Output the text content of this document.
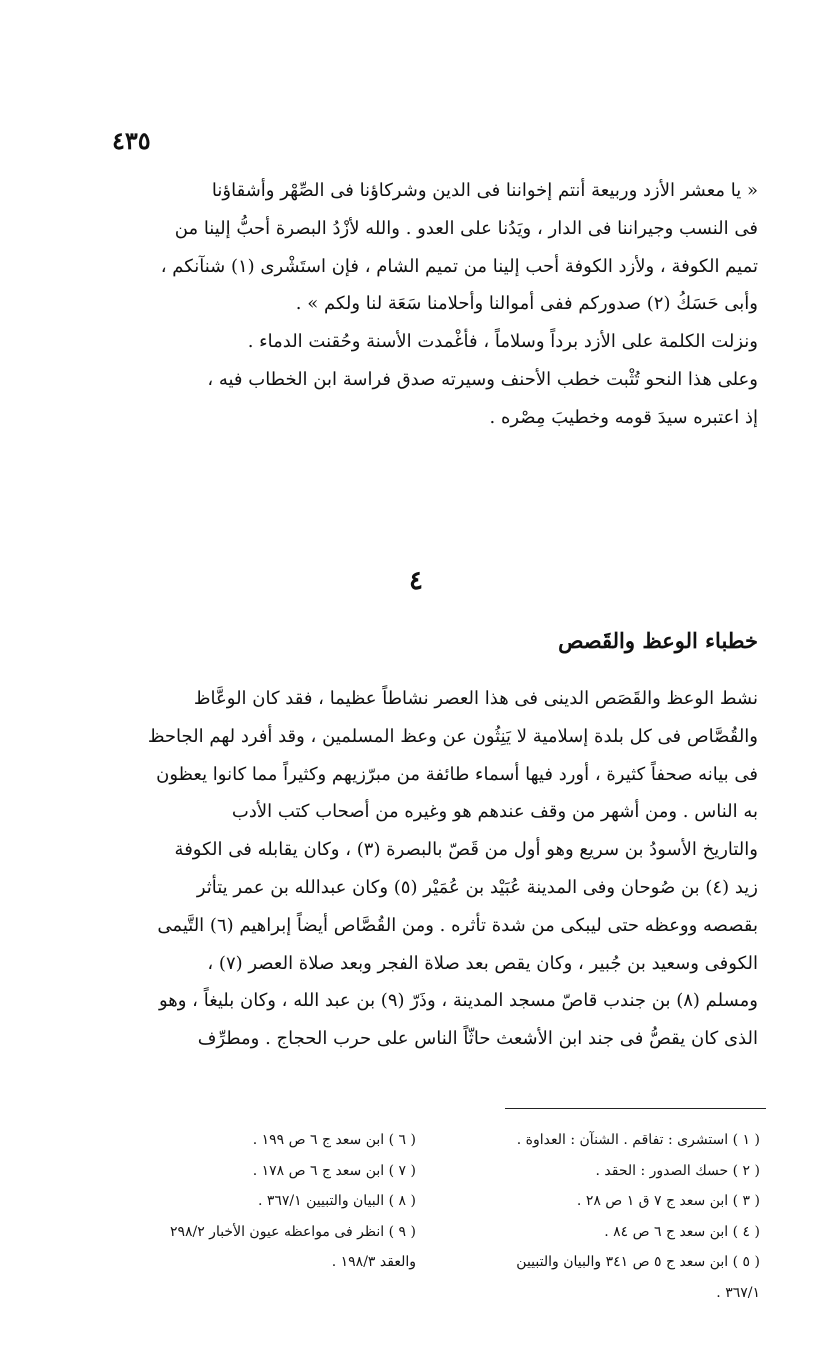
٤٣٥
« يا معشر الأزد وربيعة أنتم إخواننا فى الدين وشركاؤنا فى الصِّهْر وأشقاؤنا
فى النسب وجيراننا فى الدار ، ويَدُنا على العدو . والله لأزْدُ البصرة أحبُّ إلينا من
تميم الكوفة ، ولأزد الكوفة أحب إلينا من تميم الشام ، فإن استَشْرى (١) شنآنكم ،
وأبى حَسَكُ (٢) صدوركم ففى أموالنا وأحلامنا سَعَة لنا ولكم » .
ونزلت الكلمة على الأزد برداً وسلاماً ، فأغْمدت الأسنة وحُقنت الدماء .
وعلى هذا النحو تُثْبت خطب الأحنف وسيرته صدق فراسة ابن الخطاب فيه ،
إذ اعتبره سيدَ قومه وخطيبَ مِصْره .
٤
خطباء الوعظ والقَصص
نشط الوعظ والقَصَص الدينى فى هذا العصر نشاطاً عظيما ، فقد كان الوعَّاظ
والقُصَّاص فى كل بلدة إسلامية لا يَنِثُون عن وعظ المسلمين ، وقد أفرد لهم الجاحظ
فى بيانه صحفاً كثيرة ، أورد فيها أسماء طائفة من مبرّزيهم وكثيراً مما كانوا يعظون
به الناس . ومن أشهر من وقف عندهم هو وغيره من أصحاب كتب الأدب
والتاريخ الأسودُ بن سريع وهو أول من قَصّ بالبصرة (٣) ، وكان يقابله فى الكوفة
زيد (٤) بن صُوحان وفى المدينة عُبَيْد بن عُمَيْر (٥) وكان عبدالله بن عمر يتأثر
بقصصه ووعظه حتى ليبكى من شدة تأثره . ومن القُصَّاص أيضاً إبراهيم (٦) التَّيمى
الكوفى وسعيد بن جُبير ، وكان يقص بعد صلاة الفجر وبعد صلاة العصر (٧) ،
ومسلم (٨) بن جندب قاصّ مسجد المدينة ، وذَرّ (٩) بن عبد الله ، وكان بليغاً ، وهو
الذى كان يقصُّ فى جند ابن الأشعث حاثّاً الناس على حرب الحجاج . ومطرِّف
( ١ ) استشرى : تفاقم . الشنآن : العداوة .
( ٢ ) حسك الصدور : الحقد .
( ٣ ) ابن سعد ج ٧ ق ١ ص ٢٨ .
( ٤ ) ابن سعد ج ٦ ص ٨٤ .
( ٥ ) ابن سعد ج ٥ ص ٣٤١ والبيان والتبيين
٣٦٧/١ .
( ٦ ) ابن سعد ج ٦ ص ١٩٩ .
( ٧ ) ابن سعد ج ٦ ص ١٧٨ .
( ٨ ) البيان والتبيين ٣٦٧/١ .
( ٩ ) انظر فى مواعظه عيون الأخبار ٢٩٨/٢
والعقد ١٩٨/٣ .
